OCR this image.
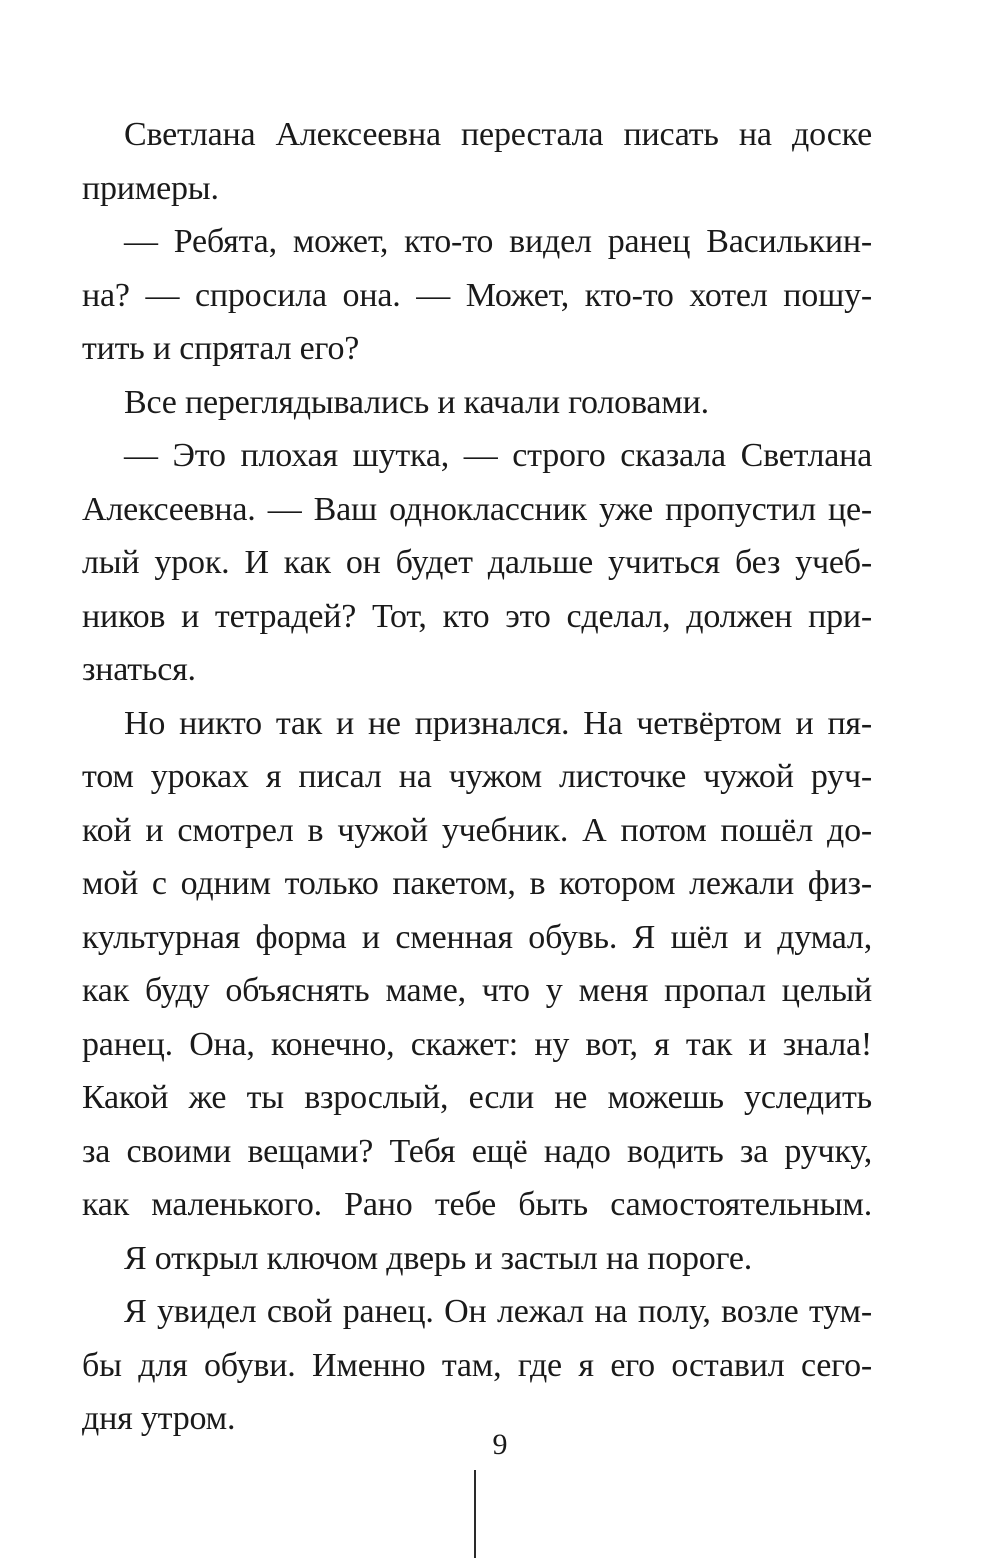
Светлана Алексеевна перестала писать на доске
примеры.
— Ребята, может, кто-то видел ранец Василькин-
на? — спросила она. — Может, кто-то хотел пошу-
тить и спрятал его?
Все переглядывались и качали головами.
— Это плохая шутка, — строго сказала Светлана
Алексеевна. — Ваш одноклассник уже пропустил це-
лый урок. И как он будет дальше учиться без учеб-
ников и тетрадей? Тот, кто это сделал, должен при-
знаться.
Но никто так и не признался. На четвёртом и пя-
том уроках я писал на чужом листочке чужой руч-
кой и смотрел в чужой учебник. А потом пошёл до-
мой с одним только пакетом, в котором лежали физ-
культурная форма и сменная обувь. Я шёл и думал,
как буду объяснять маме, что у меня пропал целый
ранец. Она, конечно, скажет: ну вот, я так и знала!
Какой же ты взрослый, если не можешь уследить
за своими вещами? Тебя ещё надо водить за ручку,
как маленького. Рано тебе быть самостоятельным.
Я открыл ключом дверь и застыл на пороге.
Я увидел свой ранец. Он лежал на полу, возле тум-
бы для обуви. Именно там, где я его оставил сего-
дня утром.
9
